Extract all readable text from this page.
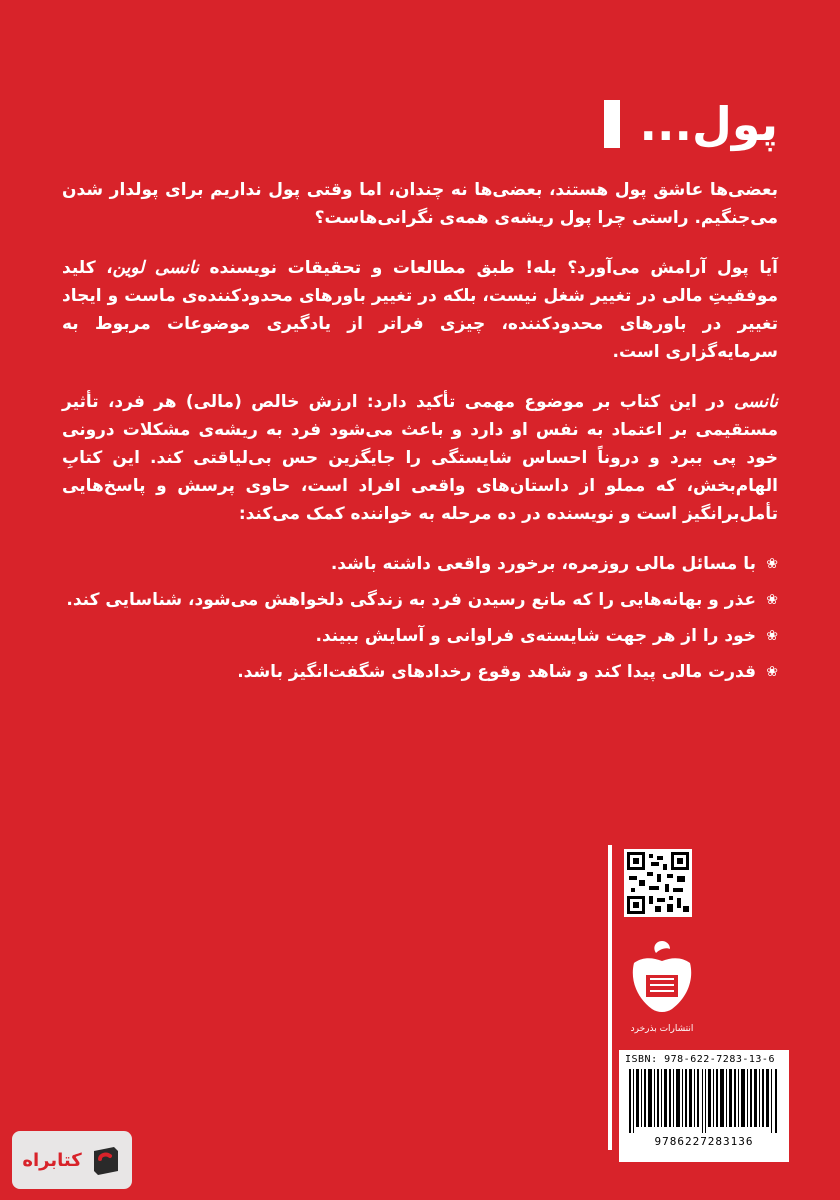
پول...

بعضی‌ها عاشق پول هستند، بعضی‌ها نه چندان، اما وقتی پول نداریم برای پولدار شدن می‌جنگیم. راستی چرا پول ریشه‌ی همه‌ی نگرانی‌هاست؟

آیا پول آرامش می‌آورد؟ بله! طبق مطالعات و تحقیقات نویسنده نانسی لوین، کلید موفقیتِ مالی در تغییر شغل نیست، بلکه در تغییر باورهای محدودکننده‌ی ماست و ایجاد تغییر در باورهای محدودکننده، چیزی فراتر از یادگیری موضوعات مربوط به سرمایه‌گزاری است.

نانسی در این کتاب بر موضوع مهمی تأکید دارد: ارزش خالص (مالی) هر فرد، تأثیر مستقیمی بر اعتماد به نفس او دارد و باعث می‌شود فرد به ریشه‌ی مشکلات درونی خود پی ببرد و دروناً احساس شایستگی را جایگزین حس بی‌لیاقتی کند. این کتابِ الهام‌بخش، که مملو از داستان‌های واقعی افراد است، حاوی پرسش و پاسخ‌هایی تأمل‌برانگیز است و نویسنده در ده مرحله به خواننده کمک می‌کند:

❀
با مسائل مالی روزمره، برخورد واقعی داشته باشد.
❀
عذر و بهانه‌هایی را که مانع رسیدن فرد به زندگی دلخواهش می‌شود، شناسایی کند.
❀
خود را از هر جهت شایسته‌ی فراوانی و آسایش ببیند.
❀
قدرت مالی پیدا کند و شاهد وقوع رخدادهای شگفت‌انگیز باشد.
انتشارات بذرخرد
ISBN: 978-622-7283-13-6
9786227283136
کتابراه
